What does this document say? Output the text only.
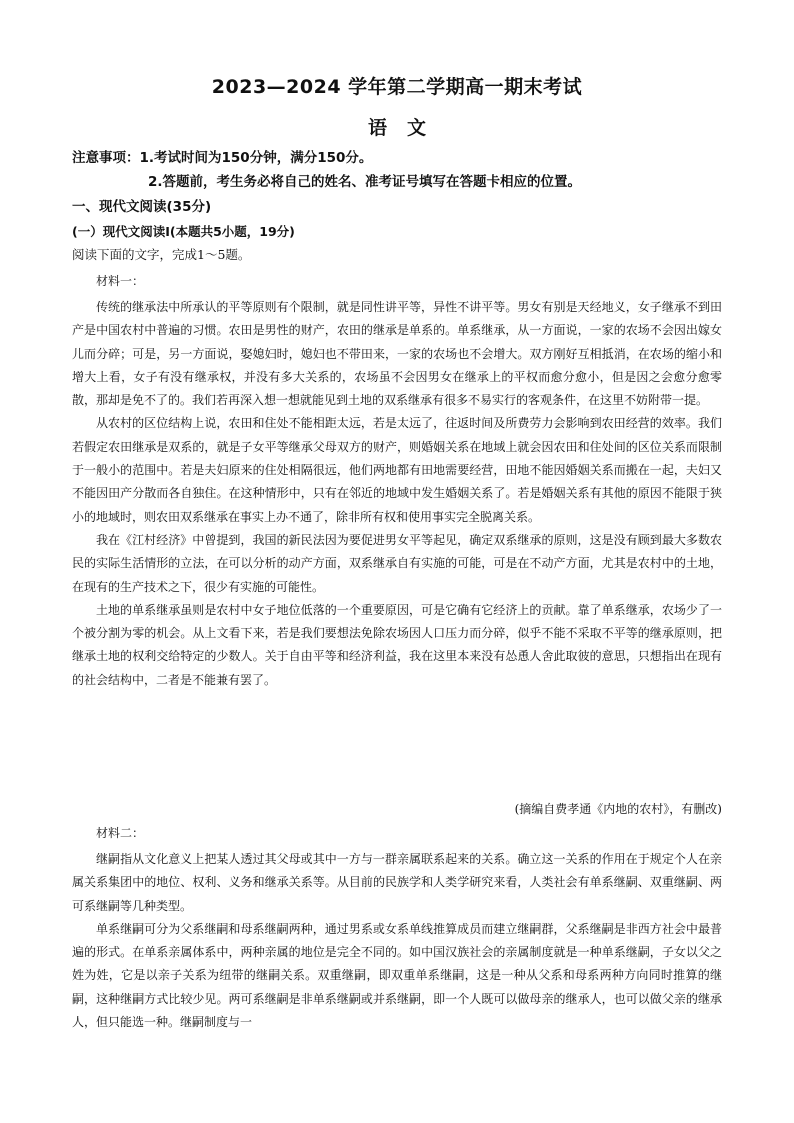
2023—2024 学年第二学期高一期末考试
语文
注意事项：1.考试时间为150分钟，满分150分。
2.答题前，考生务必将自己的姓名、准考证号填写在答题卡相应的位置。
一、现代文阅读(35分)
(一）现代文阅读Ⅰ(本题共5小题，19分)
阅读下面的文字，完成1～5题。
材料一：

传统的继承法中所承认的平等原则有个限制，就是同性讲平等，异性不讲平等。男女有别是天经地义，女子继承不到田产是中国农村中普遍的习惯。农田是男性的财产，农田的继承是单系的。单系继承，从一方面说，一家的农场不会因出嫁女儿而分碎；可是，另一方面说，娶媳妇时，媳妇也不带田来，一家的农场也不会增大。双方刚好互相抵消，在农场的缩小和增大上看，女子有没有继承权，并没有多大关系的，农场虽不会因男女在继承上的平权而愈分愈小，但是因之会愈分愈零散，那却是免不了的。我们若再深入想一想就能见到土地的双系继承有很多不易实行的客观条件，在这里不妨附带一提。

从农村的区位结构上说，农田和住处不能相距太远，若是太远了，往返时间及所费劳力会影响到农田经营的效率。我们若假定农田继承是双系的，就是子女平等继承父母双方的财产，则婚姻关系在地域上就会因农田和住处间的区位关系而限制于一般小的范围中。若是夫妇原来的住处相隔很远，他们两地都有田地需要经营，田地不能因婚姻关系而搬在一起，夫妇又不能因田产分散而各自独住。在这种情形中，只有在邻近的地域中发生婚姻关系了。若是婚姻关系有其他的原因不能限于狭小的地域时，则农田双系继承在事实上办不通了，除非所有权和使用事实完全脱离关系。

我在《江村经济》中曾提到，我国的新民法因为要促进男女平等起见，确定双系继承的原则，这是没有顾到最大多数农民的实际生活情形的立法，在可以分析的动产方面，双系继承自有实施的可能，可是在不动产方面，尤其是农村中的土地，在现有的生产技术之下，很少有实施的可能性。

土地的单系继承虽则是农村中女子地位低落的一个重要原因，可是它确有它经济上的贡献。靠了单系继承，农场少了一个被分割为零的机会。从上文看下来，若是我们要想法免除农场因人口压力而分碎，似乎不能不采取不平等的继承原则，把继承土地的权利交给特定的少数人。关于自由平等和经济利益，我在这里本来没有怂恿人舍此取彼的意思，只想指出在现有的社会结构中，二者是不能兼有罢了。

(摘编自费孝通《内地的农村》，有删改)
材料二：

继嗣指从文化意义上把某人透过其父母或其中一方与一群亲属联系起来的关系。确立这一关系的作用在于规定个人在亲属关系集团中的地位、权利、义务和继承关系等。从目前的民族学和人类学研究来看，人类社会有单系继嗣、双重继嗣、两可系继嗣等几种类型。

单系继嗣可分为父系继嗣和母系继嗣两种，通过男系或女系单线推算成员而建立继嗣群，父系继嗣是非西方社会中最普遍的形式。在单系亲属体系中，两种亲属的地位是完全不同的。如中国汉族社会的亲属制度就是一种单系继嗣，子女以父之姓为姓，它是以亲子关系为纽带的继嗣关系。双重继嗣，即双重单系继嗣，这是一种从父系和母系两种方向同时推算的继嗣，这种继嗣方式比较少见。两可系继嗣是非单系继嗣或并系继嗣，即一个人既可以做母亲的继承人，也可以做父亲的继承人，但只能选一种。继嗣制度与一
